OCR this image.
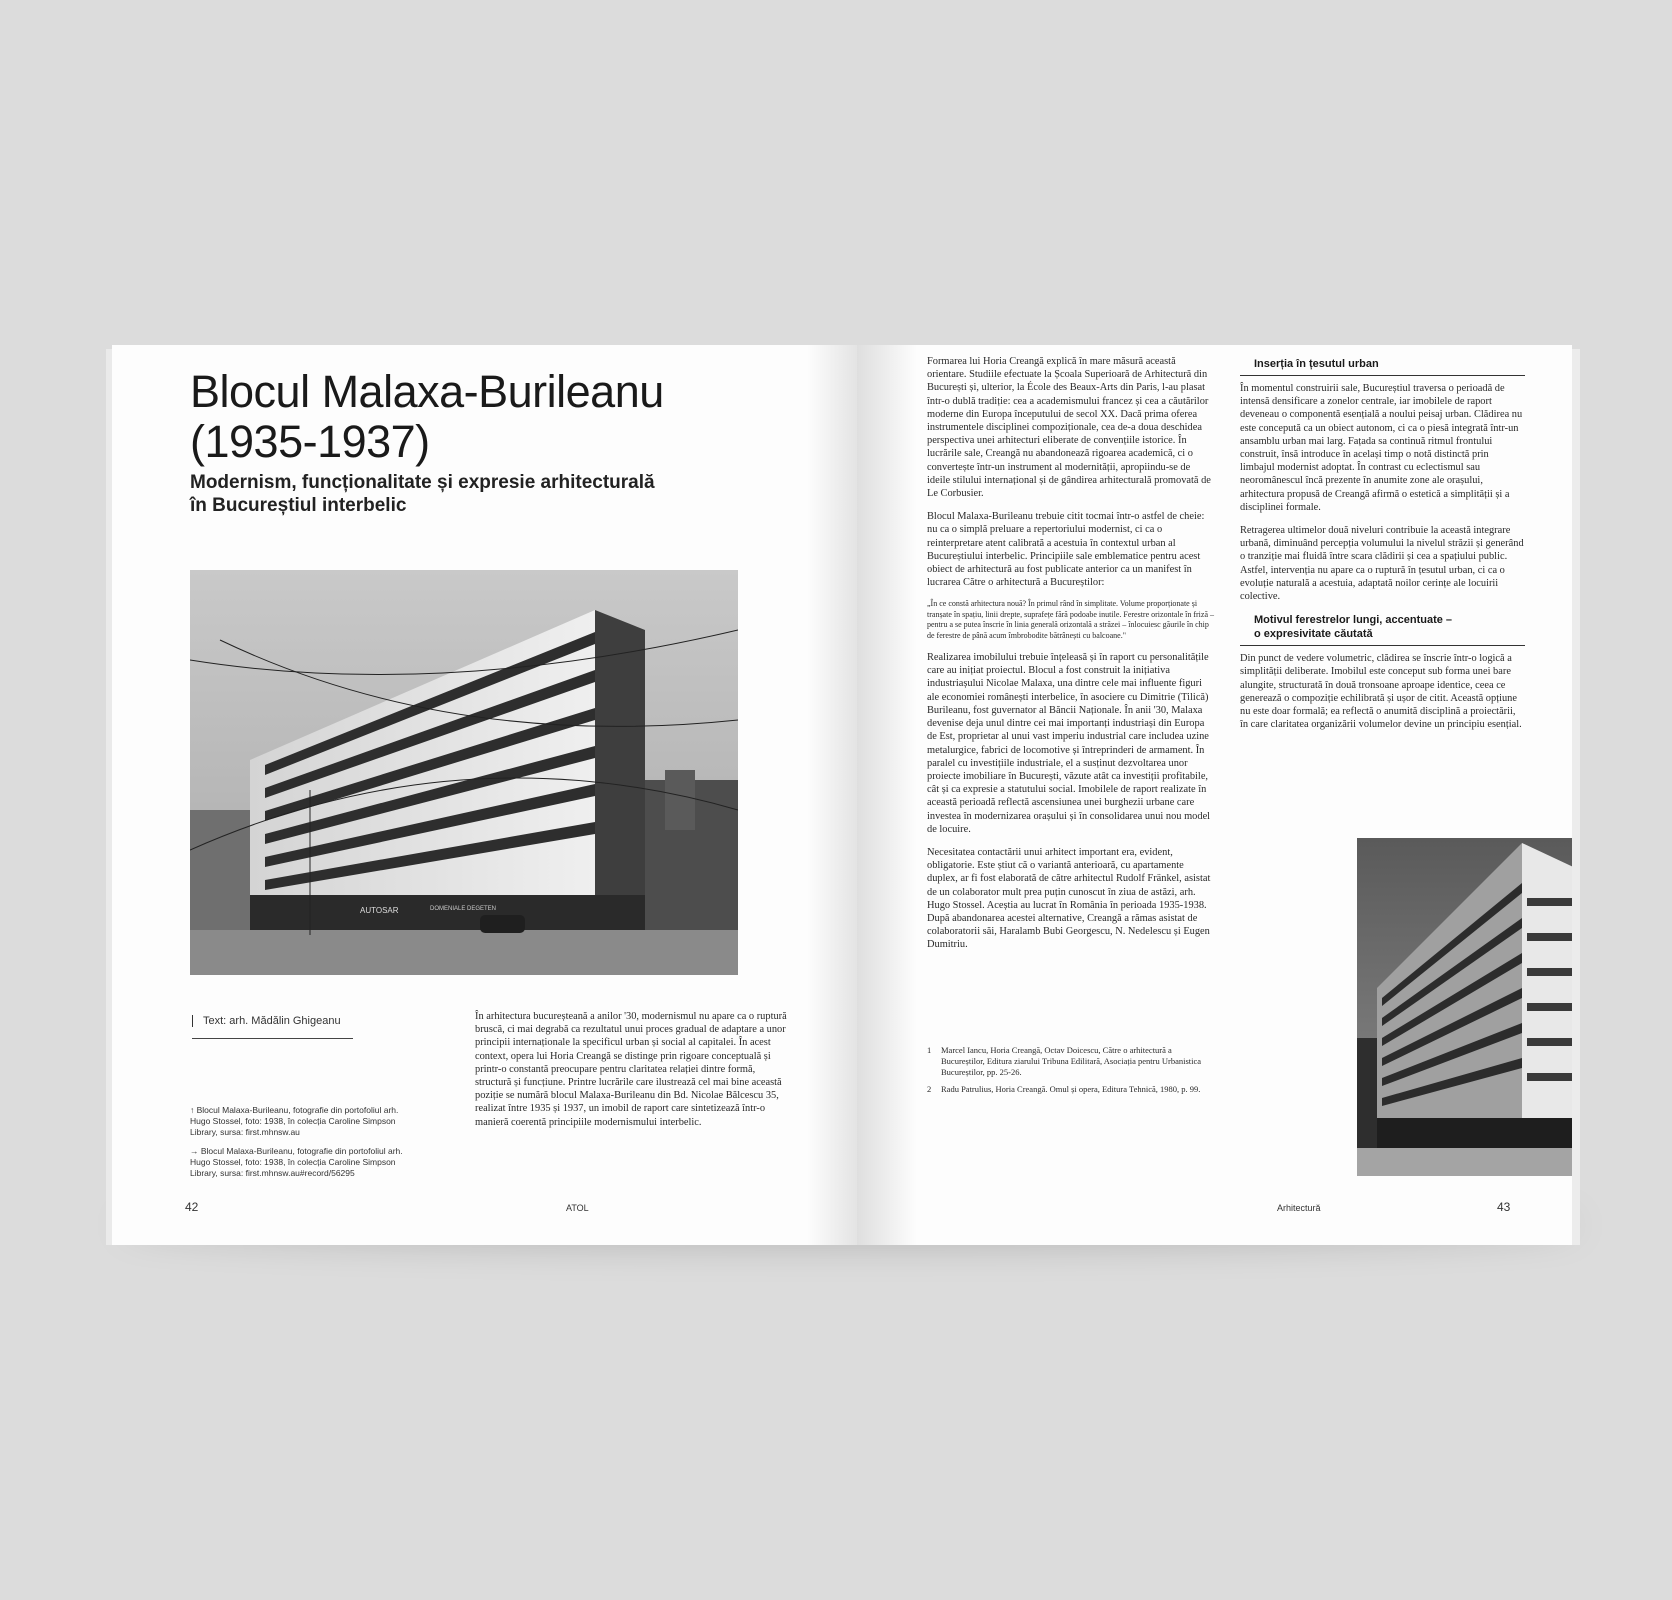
Blocul Malaxa-Burileanu
(1935-1937)
Modernism, funcționalitate și expresie arhitecturală
în Bucureștiul interbelic
AUTOSAR	DOMENIALE DEGETEN
Text: arh. Mădălin Ghigeanu

↑ Blocul Malaxa-Burileanu, fotografie din portofoliul arh. Hugo Stossel, foto: 1938, în colecția Caroline Simpson Library, sursa: first.mhnsw.au

→ Blocul Malaxa-Burileanu, fotografie din portofoliul arh. Hugo Stossel, foto: 1938, în colecția Caroline Simpson Library, sursa: first.mhnsw.au#record/56295

În arhitectura bucureșteană a anilor '30, modernismul nu apare ca o ruptură bruscă, ci mai degrabă ca rezultatul unui proces gradual de adaptare a unor principii internaționale la specificul urban și social al capitalei. În acest context, opera lui Horia Creangă se distinge prin rigoare conceptuală și printr-o constantă preocupare pentru claritatea relației dintre formă, structură și funcțiune. Printre lucrările care ilustrează cel mai bine această poziție se numără blocul Malaxa-Burileanu din Bd. Nicolae Bălcescu 35, realizat între 1935 și 1937, un imobil de raport care sintetizează într-o manieră coerentă principiile modernismului interbelic.

42	ATOL

Formarea lui Horia Creangă explică în mare măsură această orientare. Studiile efectuate la Școala Superioară de Arhitectură din București și, ulterior, la École des Beaux-Arts din Paris, l-au plasat într-o dublă tradiție: cea a academismului francez și cea a căutărilor moderne din Europa începutului de secol XX. Dacă prima oferea instrumentele disciplinei compoziționale, cea de-a doua deschidea perspectiva unei arhitecturi eliberate de convențiile istorice. În lucrările sale, Creangă nu abandonează rigoarea academică, ci o convertește într-un instrument al modernității, apropiindu-se de ideile stilului internațional și de gândirea arhitecturală promovată de Le Corbusier.

Blocul Malaxa-Burileanu trebuie citit tocmai într-o astfel de cheie: nu ca o simplă preluare a repertoriului modernist, ci ca o reinterpretare atent calibrată a acestuia în contextul urban al Bucureștiului interbelic. Principiile sale emblematice pentru acest obiect de arhitectură au fost publicate anterior ca un manifest în lucrarea Către o arhitectură a Bucureștilor:

„În ce constă arhitectura nouă? În primul rând în simplitate. Volume proporționate și tranșate în spațiu, linii drepte, suprafețe fără podoabe inutile. Ferestre orizontale în friză – pentru a se putea înscrie în linia generală orizontală a străzei – înlocuiesc găurile în chip de ferestre de până acum îmbrobodite bătrânești cu balcoane."

Realizarea imobilului trebuie înțeleasă și în raport cu personalitățile care au inițiat proiectul. Blocul a fost construit la inițiativa industriașului Nicolae Malaxa, una dintre cele mai influente figuri ale economiei românești interbelice, în asociere cu Dimitrie (Tilică) Burileanu, fost guvernator al Băncii Naționale. În anii '30, Malaxa devenise deja unul dintre cei mai importanți industriași din Europa de Est, proprietar al unui vast imperiu industrial care includea uzine metalurgice, fabrici de locomotive și întreprinderi de armament. În paralel cu investițiile industriale, el a susținut dezvoltarea unor proiecte imobiliare în București, văzute atât ca investiții profitabile, cât și ca expresie a statutului social. Imobilele de raport realizate în această perioadă reflectă ascensiunea unei burghezii urbane care investea în modernizarea orașului și în consolidarea unui nou model de locuire.

Necesitatea contactării unui arhitect important era, evident, obligatorie. Este știut că o variantă anterioară, cu apartamente duplex, ar fi fost elaborată de către arhitectul Rudolf Fränkel, asistat de un colaborator mult prea puțin cunoscut în ziua de astăzi, arh. Hugo Stossel. Aceștia au lucrat în România în perioada 1935-1938. După abandonarea acestei alternative, Creangă a rămas asistat de colaboratorii săi, Haralamb Bubi Georgescu, N. Nedelescu și Eugen Dumitriu.

Inserția în țesutul urban

În momentul construirii sale, Bucureștiul traversa o perioadă de intensă densificare a zonelor centrale, iar imobilele de raport deveneau o componentă esențială a noului peisaj urban. Clădirea nu este concepută ca un obiect autonom, ci ca o piesă integrată într-un ansamblu urban mai larg. Fațada sa continuă ritmul frontului construit, însă introduce în același timp o notă distinctă prin limbajul modernist adoptat. În contrast cu eclectismul sau neoromânescul încă prezente în anumite zone ale orașului, arhitectura propusă de Creangă afirmă o estetică a simplității și a disciplinei formale.

Retragerea ultimelor două niveluri contribuie la această integrare urbană, diminuând percepția volumului la nivelul străzii și generând o tranziție mai fluidă între scara clădirii și cea a spațiului public. Astfel, intervenția nu apare ca o ruptură în țesutul urban, ci ca o evoluție naturală a acestuia, adaptată noilor cerințe ale locuirii colective.

Motivul ferestrelor lungi, accentuate –
o expresivitate căutată

Din punct de vedere volumetric, clădirea se înscrie într-o logică a simplității deliberate. Imobilul este conceput sub forma unei bare alungite, structurată în două tronsoane aproape identice, ceea ce generează o compoziție echilibrată și ușor de citit. Această opțiune nu este doar formală; ea reflectă o anumită disciplină a proiectării, în care claritatea organizării volumelor devine un principiu esențial.

1	Marcel Iancu, Horia Creangă, Octav Doicescu, Către o arhitectură a Bucureștilor, Editura ziarului Tribuna Edilitară, Asociația pentru Urbanistica Bucureștilor, pp. 25-26.
2	Radu Patrulius, Horia Creangă. Omul și opera, Editura Tehnică, 1980, p. 99.
Arhitectură	43
